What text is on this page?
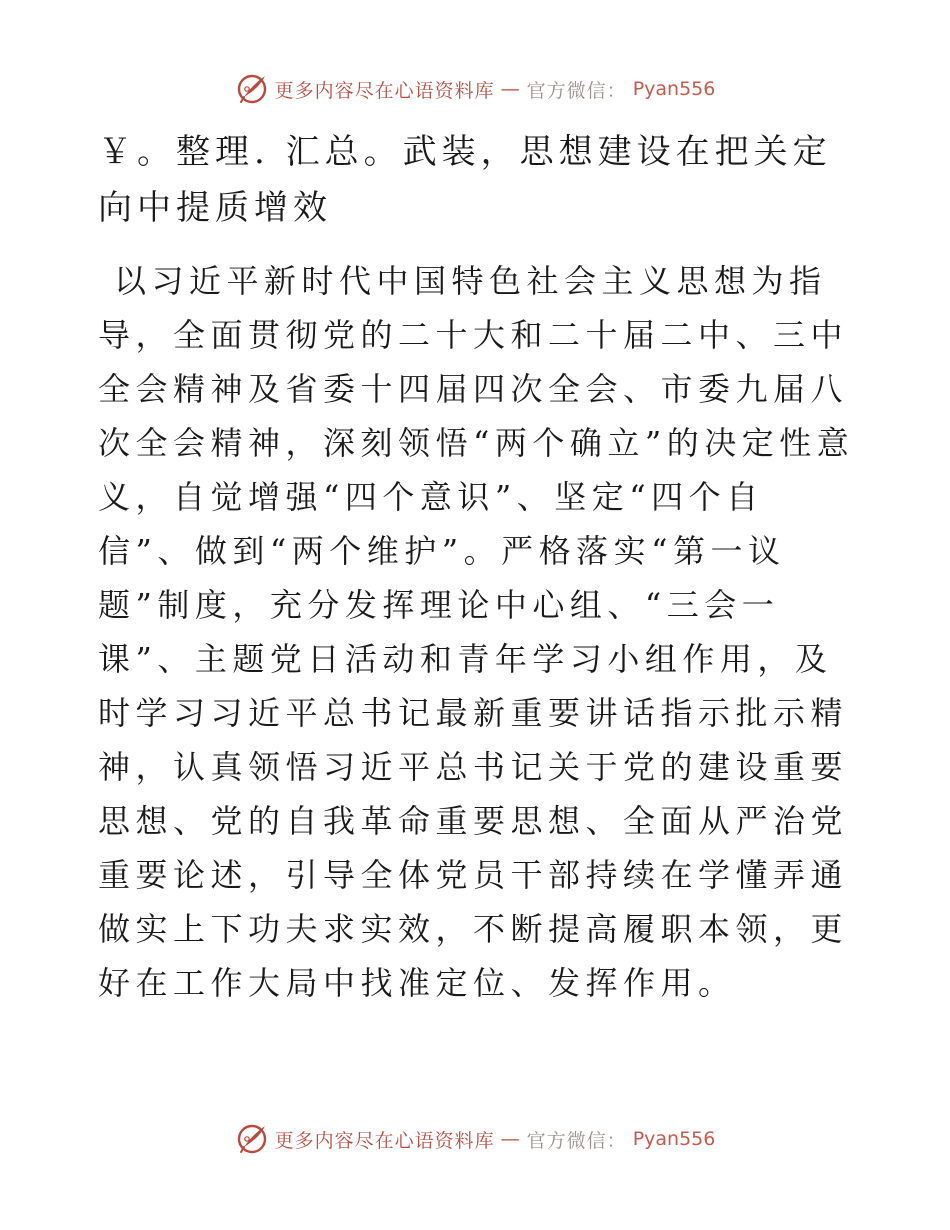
更多内容尽在心语资料库 — 官方微信： Pyan556
￥。整理. 汇总。武装，思想建设在把关定向中提质增效

以习近平新时代中国特色社会主义思想为指导，全面贯彻党的二十大和二十届二中、三中全会精神及省委十四届四次全会、市委九届八次全会精神，深刻领悟“两个确立”的决定性意义，自觉增强“四个意识”、坚定“四个自信”、做到“两个维护”。严格落实“第一议题”制度，充分发挥理论中心组、“三会一课”、主题党日活动和青年学习小组作用，及时学习习近平总书记最新重要讲话指示批示精神，认真领悟习近平总书记关于党的建设重要思想、党的自我革命重要思想、全面从严治党重要论述，引导全体党员干部持续在学懂弄通做实上下功夫求实效，不断提高履职本领，更好在工作大局中找准定位、发挥作用。

更多内容尽在心语资料库 — 官方微信： Pyan556
